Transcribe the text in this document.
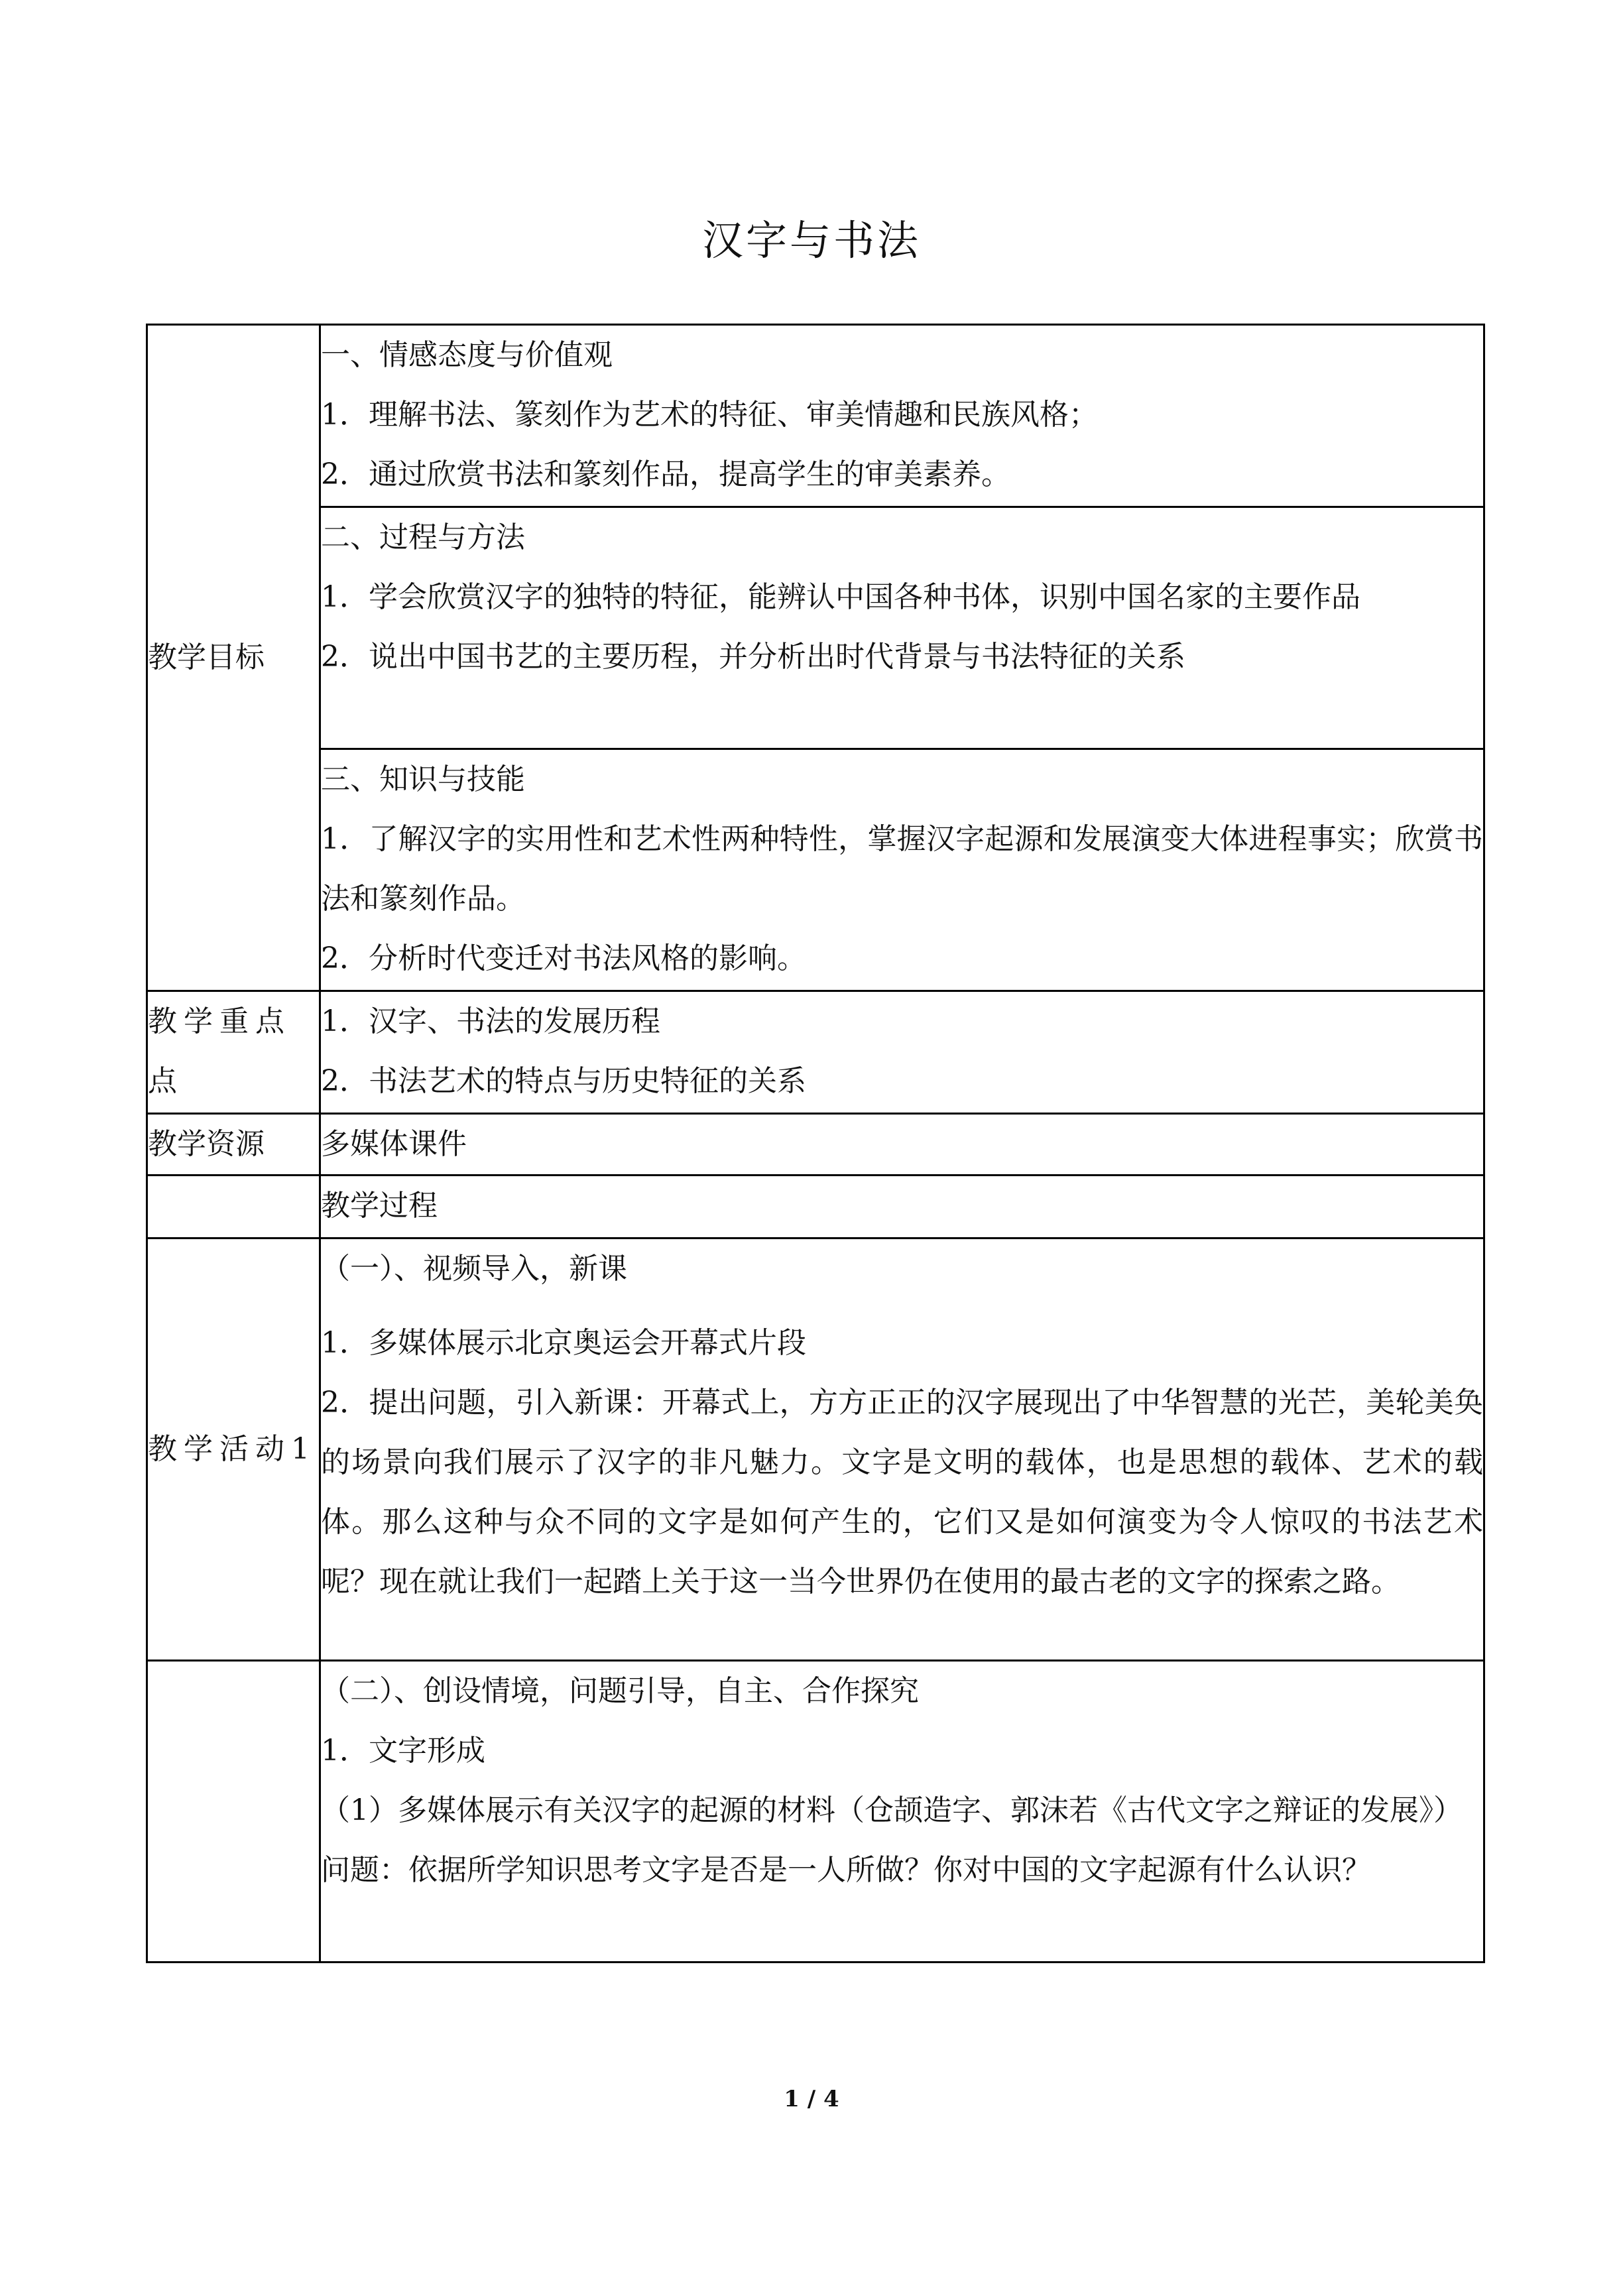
汉字与书法
教学目标	一、情感态度与价值观
1．理解书法、篆刻作为艺术的特征、审美情趣和民族风格；
2．通过欣赏书法和篆刻作品，提高学生的审美素养。

	二、过程与方法
1．学会欣赏汉字的独特的特征，能辨认中国各种书体，识别中国名家的主要作品
2．说出中国书艺的主要历程，并分析出时代背景与书法特征的关系

	三、知识与技能
1．了解汉字的实用性和艺术性两种特性，掌握汉字起源和发展演变大体进程事实；欣赏书法和篆刻作品。
2．分析时代变迁对书法风格的影响。

教学重点点	1．汉字、书法的发展历程
2．书法艺术的特点与历史特征的关系

教学资源	多媒体课件

	教学过程

教学活动1	（一）、视频导入，新课
1．多媒体展示北京奥运会开幕式片段
2．提出问题，引入新课：开幕式上，方方正正的汉字展现出了中华智慧的光芒，美轮美奂的场景向我们展示了汉字的非凡魅力。文字是文明的载体，也是思想的载体、艺术的载体。那么这种与众不同的文字是如何产生的，它们又是如何演变为令人惊叹的书法艺术呢？现在就让我们一起踏上关于这一当今世界仍在使用的最古老的文字的探索之路。

	（二）、创设情境，问题引导，自主、合作探究
1．文字形成
（1）多媒体展示有关汉字的起源的材料（仓颉造字、郭沫若《古代文字之辩证的发展》）
问题：依据所学知识思考文字是否是一人所做？你对中国的文字起源有什么认识？
1 / 4
